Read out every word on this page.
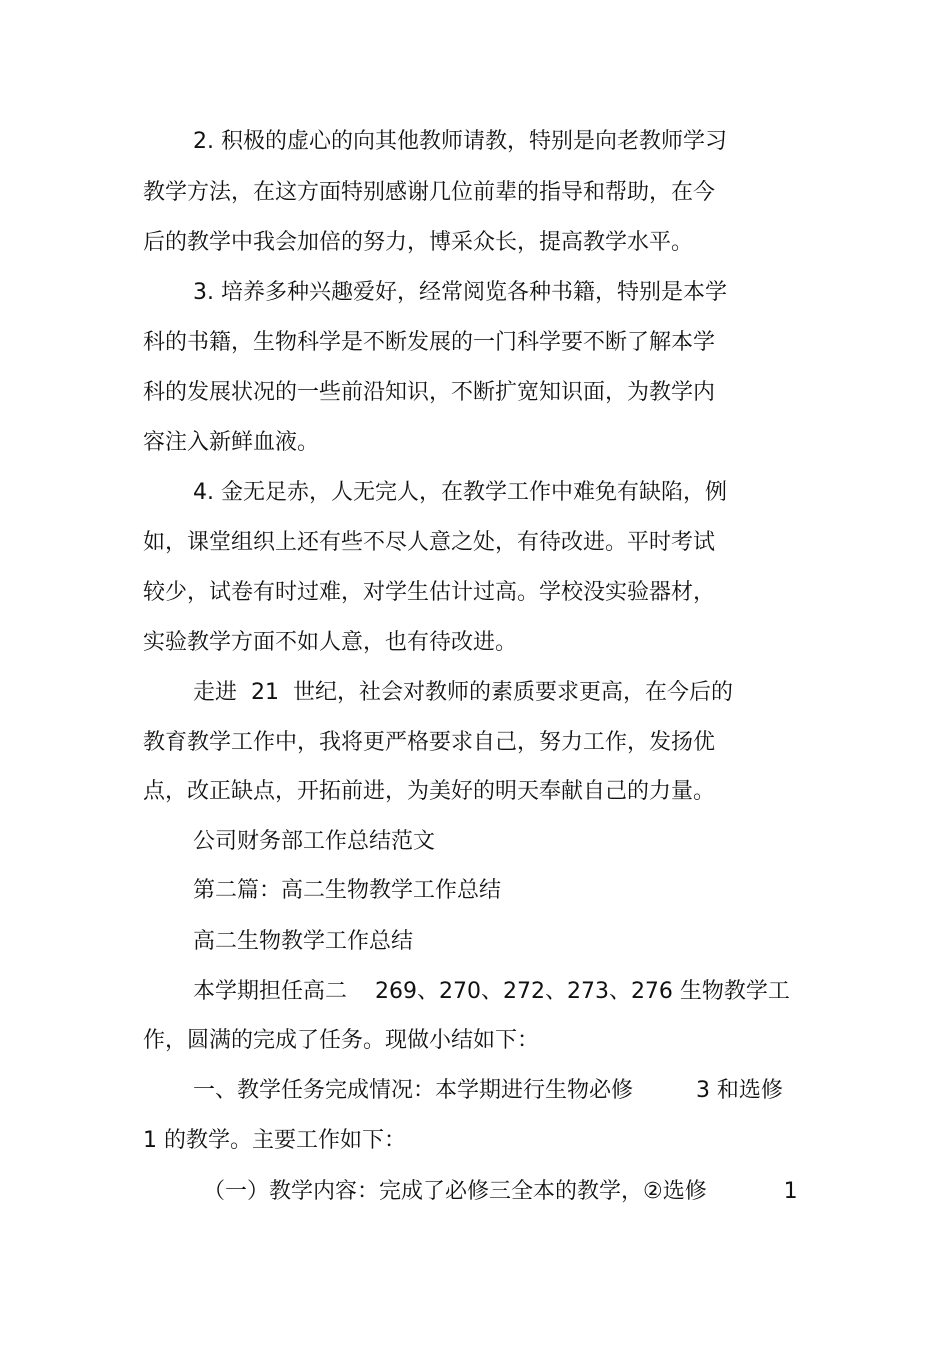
2. 积极的虚心的向其他教师请教，特别是向老教师学习
教学方法，在这方面特别感谢几位前辈的指导和帮助，在今
后的教学中我会加倍的努力，博采众长，提高教学水平。
3. 培养多种兴趣爱好，经常阅览各种书籍，特别是本学
科的书籍，生物科学是不断发展的一门科学要不断了解本学
科的发展状况的一些前沿知识，不断扩宽知识面，为教学内
容注入新鲜血液。
4. 金无足赤，人无完人，在教学工作中难免有缺陷，例
如，课堂组织上还有些不尽人意之处，有待改进。平时考试
较少，试卷有时过难，对学生估计过高。学校没实验器材，
实验教学方面不如人意，也有待改进。
走进  21  世纪，社会对教师的素质要求更高，在今后的
教育教学工作中，我将更严格要求自己，努力工作，发扬优
点，改正缺点，开拓前进，为美好的明天奉献自己的力量。
公司财务部工作总结范文
第二篇：高二生物教学工作总结
高二生物教学工作总结
本学期担任高二    269、270、272、273、276 生物教学工
作，圆满的完成了任务。现做小结如下：
一、教学任务完成情况：本学期进行生物必修         3 和选修
1 的教学。主要工作如下：
（一）教学内容：完成了必修三全本的教学，②选修           1
